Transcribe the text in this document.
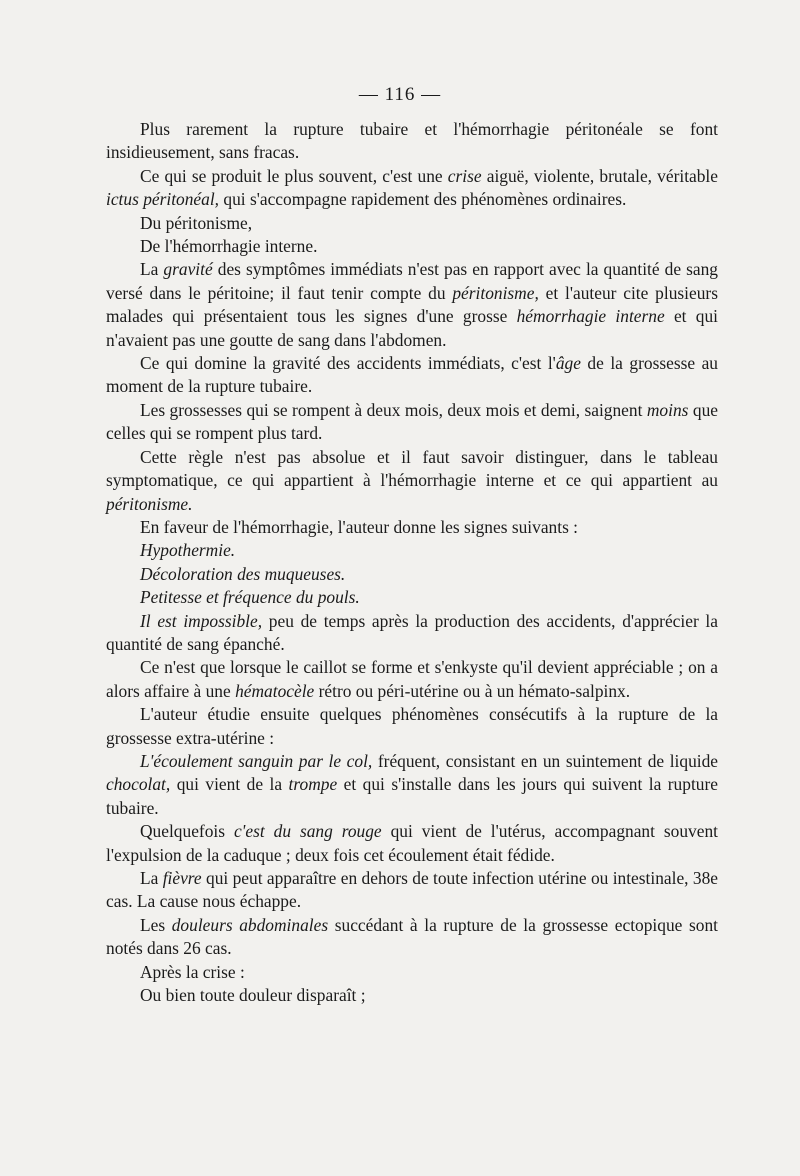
— 116 —

Plus rarement la rupture tubaire et l'hémorrhagie péritonéale se font insidieusement, sans fracas.

Ce qui se produit le plus souvent, c'est une crise aiguë, violente, brutale, véritable ictus péritonéal, qui s'accompagne rapidement des phénomènes ordinaires.

Du péritonisme,

De l'hémorrhagie interne.

La gravité des symptômes immédiats n'est pas en rapport avec la quantité de sang versé dans le péritoine; il faut tenir compte du péritonisme, et l'auteur cite plusieurs malades qui présentaient tous les signes d'une grosse hémorrhagie interne et qui n'avaient pas une goutte de sang dans l'abdomen.

Ce qui domine la gravité des accidents immédiats, c'est l'âge de la grossesse au moment de la rupture tubaire.

Les grossesses qui se rompent à deux mois, deux mois et demi, saignent moins que celles qui se rompent plus tard.

Cette règle n'est pas absolue et il faut savoir distinguer, dans le tableau symptomatique, ce qui appartient à l'hémorrhagie interne et ce qui appartient au péritonisme.

En faveur de l'hémorrhagie, l'auteur donne les signes suivants :

Hypothermie.

Décoloration des muqueuses.

Petitesse et fréquence du pouls.

Il est impossible, peu de temps après la production des accidents, d'apprécier la quantité de sang épanché.

Ce n'est que lorsque le caillot se forme et s'enkyste qu'il devient appréciable ; on a alors affaire à une hématocèle rétro ou péri-utérine ou à un hémato-salpinx.

L'auteur étudie ensuite quelques phénomènes consécutifs à la rupture de la grossesse extra-utérine :

L'écoulement sanguin par le col, fréquent, consistant en un suintement de liquide chocolat, qui vient de la trompe et qui s'installe dans les jours qui suivent la rupture tubaire.

Quelquefois c'est du sang rouge qui vient de l'utérus, accompagnant souvent l'expulsion de la caduque ; deux fois cet écoulement était fédide.

La fièvre qui peut apparaître en dehors de toute infection utérine ou intestinale, 38e cas. La cause nous échappe.

Les douleurs abdominales succédant à la rupture de la grossesse ectopique sont notés dans 26 cas.

Après la crise :

Ou bien toute douleur disparaît ;
